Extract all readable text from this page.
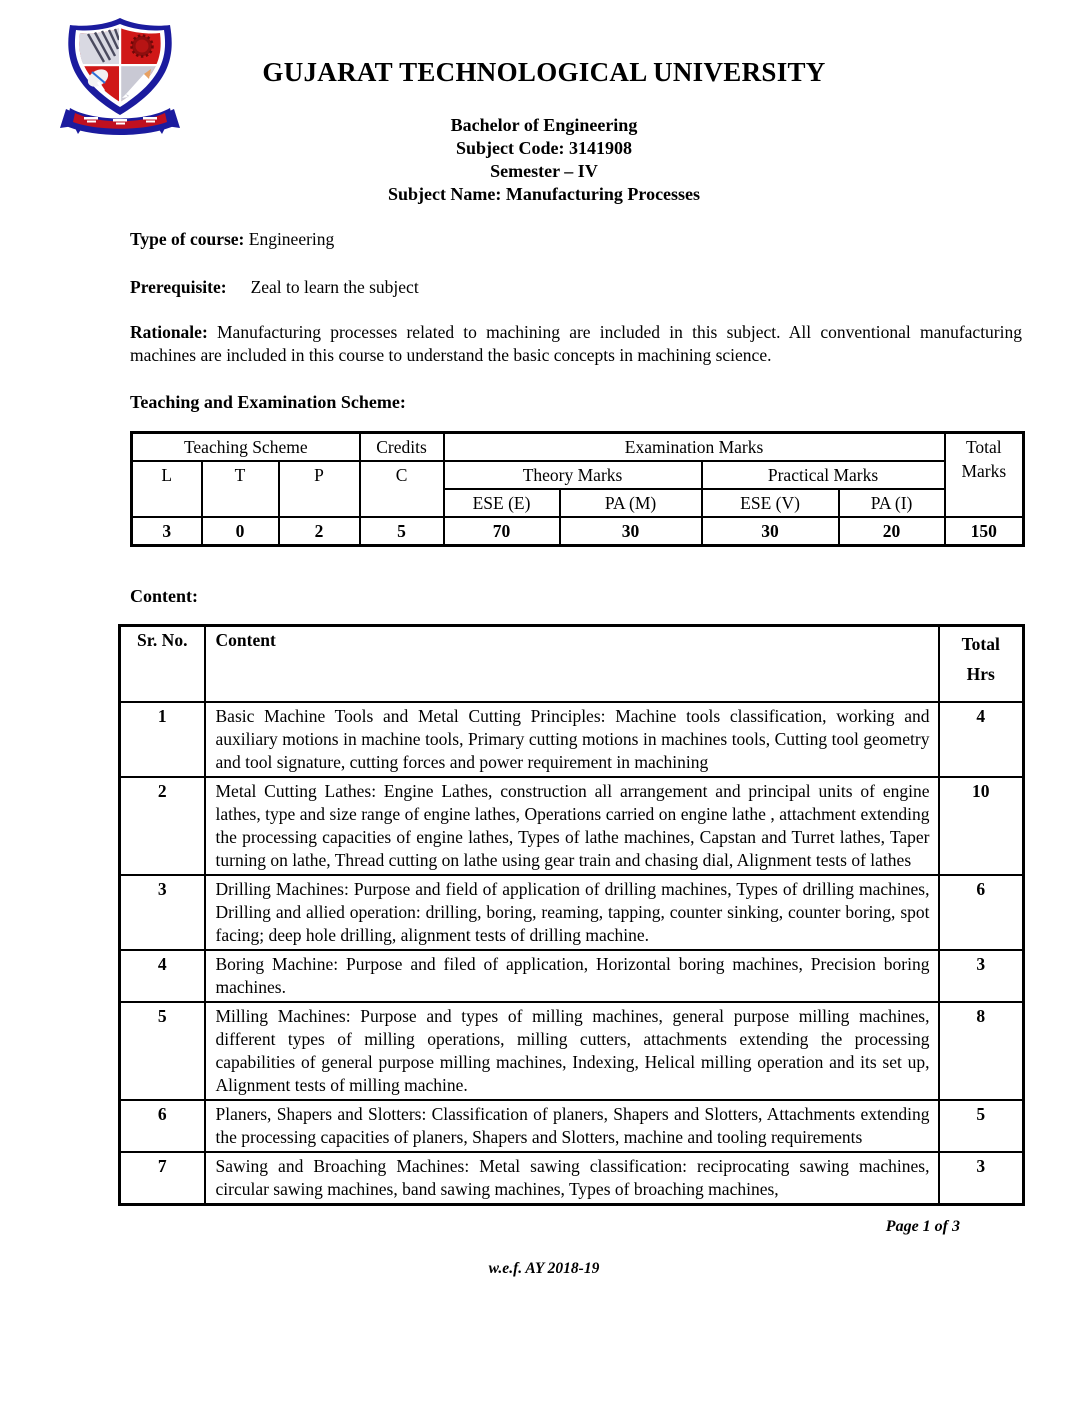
GUJARAT TECHNOLOGICAL UNIVERSITY
Bachelor of Engineering
Subject Code: 3141908
Semester – IV
Subject Name: Manufacturing Processes

Type of course: Engineering

Prerequisite: Zeal to learn the subject

Rationale: Manufacturing processes related to machining are included in this subject. All conventional manufacturing machines are included in this course to understand the basic concepts in machining science.

Teaching and Examination Scheme:
Teaching Scheme			Credits	Examination Marks				Total Marks
L	T	P	C	Theory Marks		Practical Marks		
				ESE (E)	PA (M)	ESE (V)	PA (I)	
3	0	2	5	70	30	30	20	150
Content:
Sr. No.	Content	Total
Hrs

1	Basic Machine Tools and Metal Cutting Principles: Machine tools classification, working and auxiliary motions in machine tools, Primary cutting motions in machines tools, Cutting tool geometry and tool signature, cutting forces and power requirement in machining	4
2	Metal Cutting Lathes: Engine Lathes, construction all arrangement and principal units of engine lathes, type and size range of engine lathes, Operations carried on engine lathe , attachment extending the processing capacities of engine lathes, Types of lathe machines, Capstan and Turret lathes, Taper turning on lathe, Thread cutting on lathe using gear train and chasing dial, Alignment tests of lathes	10
3	Drilling Machines: Purpose and field of application of drilling machines, Types of drilling machines, Drilling and allied operation: drilling, boring, reaming, tapping, counter sinking, counter boring, spot facing; deep hole drilling, alignment tests of drilling machine.	6
4	Boring Machine: Purpose and filed of application, Horizontal boring machines, Precision boring machines.	3
5	Milling Machines: Purpose and types of milling machines, general purpose milling machines, different types of milling operations, milling cutters, attachments extending the processing capabilities of general purpose milling machines, Indexing, Helical milling operation and its set up, Alignment tests of milling machine.	8
6	Planers, Shapers and Slotters: Classification of planers, Shapers and Slotters, Attachments extending the processing capacities of planers, Shapers and Slotters, machine and tooling requirements	5
7	Sawing and Broaching Machines: Metal sawing classification: reciprocating sawing machines, circular sawing machines, band sawing machines, Types of broaching machines,	3
Page 1 of 3
w.e.f. AY 2018-19
